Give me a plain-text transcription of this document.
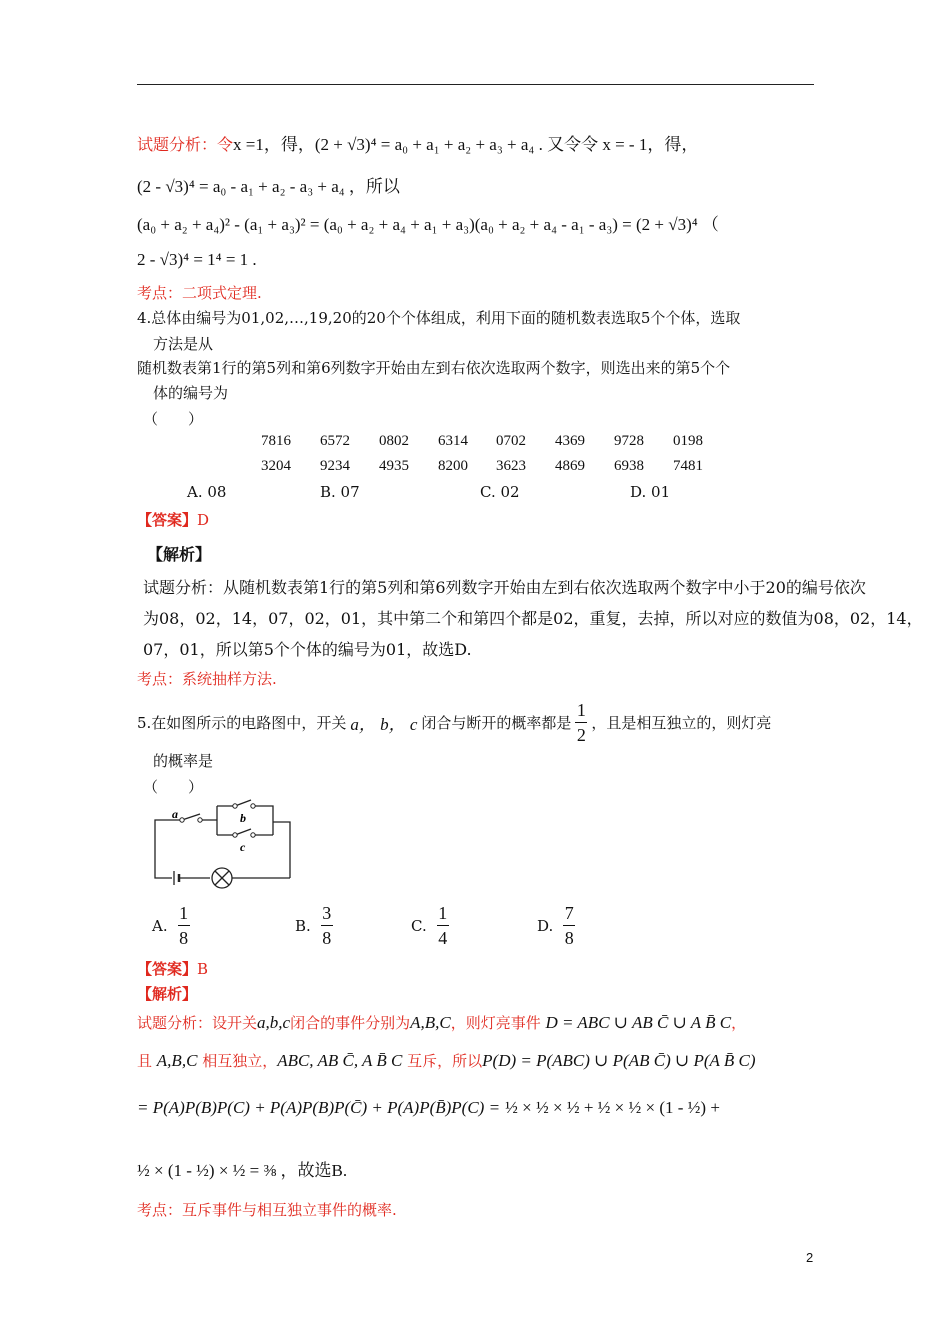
试题分析：令x =1，得，(2 + √3)⁴ = a₀ + a₁ + a₂ + a₃ + a₄ . 又令令 x = - 1，得，
(2 - √3)⁴ = a₀ - a₁ + a₂ - a₃ + a₄ ，所以
(a₀ + a₂ + a₄)² - (a₁ + a₃)² = (a₀ + a₂ + a₄ + a₁ + a₃)(a₀ + a₂ + a₄ - a₁ - a₃) = (2 + √3)⁴ （
2 - √3)⁴ = 1⁴ = 1 .
考点：二项式定理.
4.总体由编号为01,02,…,19,20的20个个体组成，利用下面的随机数表选取5个个体，选取
方法是从
随机数表第1行的第5列和第6列数字开始由左到右依次选取两个数字，则选出来的第5个个
体的编号为
（　　）
7816 6572 0802 6314 0702 4369 9728 0198
3204 9234 4935 8200 3623 4869 6938 7481
A. 08	B. 07	C. 02	D. 01
【答案】D
【解析】
试题分析：从随机数表第1行的第5列和第6列数字开始由左到右依次选取两个数字中小于20的编号依次
为08，02，14，07，02，01，其中第二个和第四个都是02，重复，去掉，所以对应的数值为08，02，14，
07，01，所以第5个个体的编号为01，故选D.
考点：系统抽样方法.
5.在如图所示的电路图中，开关 a， b， c 闭合与断开的概率都是 $\frac{1}{2}$ ，且是相互独立的，则灯亮
的概率是
（　　）
a	b
c
A. $\frac{1}{8}$	B. $\frac{3}{8}$	C. $\frac{1}{4}$	D. $\frac{7}{8}$
【答案】B
【解析】
试题分析：设开关a,b,c闭合的事件分别为A,B,C，则灯亮事件 D = ABC ∪ AB C̄ ∪ A B̄ C，
且 A,B,C 相互独立，ABC, AB C̄, A B̄ C 互斥，所以P(D) = P(ABC) ∪ P(AB C̄) ∪ P(A B̄ C)
= P(A)P(B)P(C) + P(A)P(B)P(C̄) + P(A)P(B̄)P(C) = ½ × ½ × ½ + ½ × ½ × (1 - ½) +
½ × (1 - ½) × ½ = ⅜ ，故选B.
考点：互斥事件与相互独立事件的概率.
2
